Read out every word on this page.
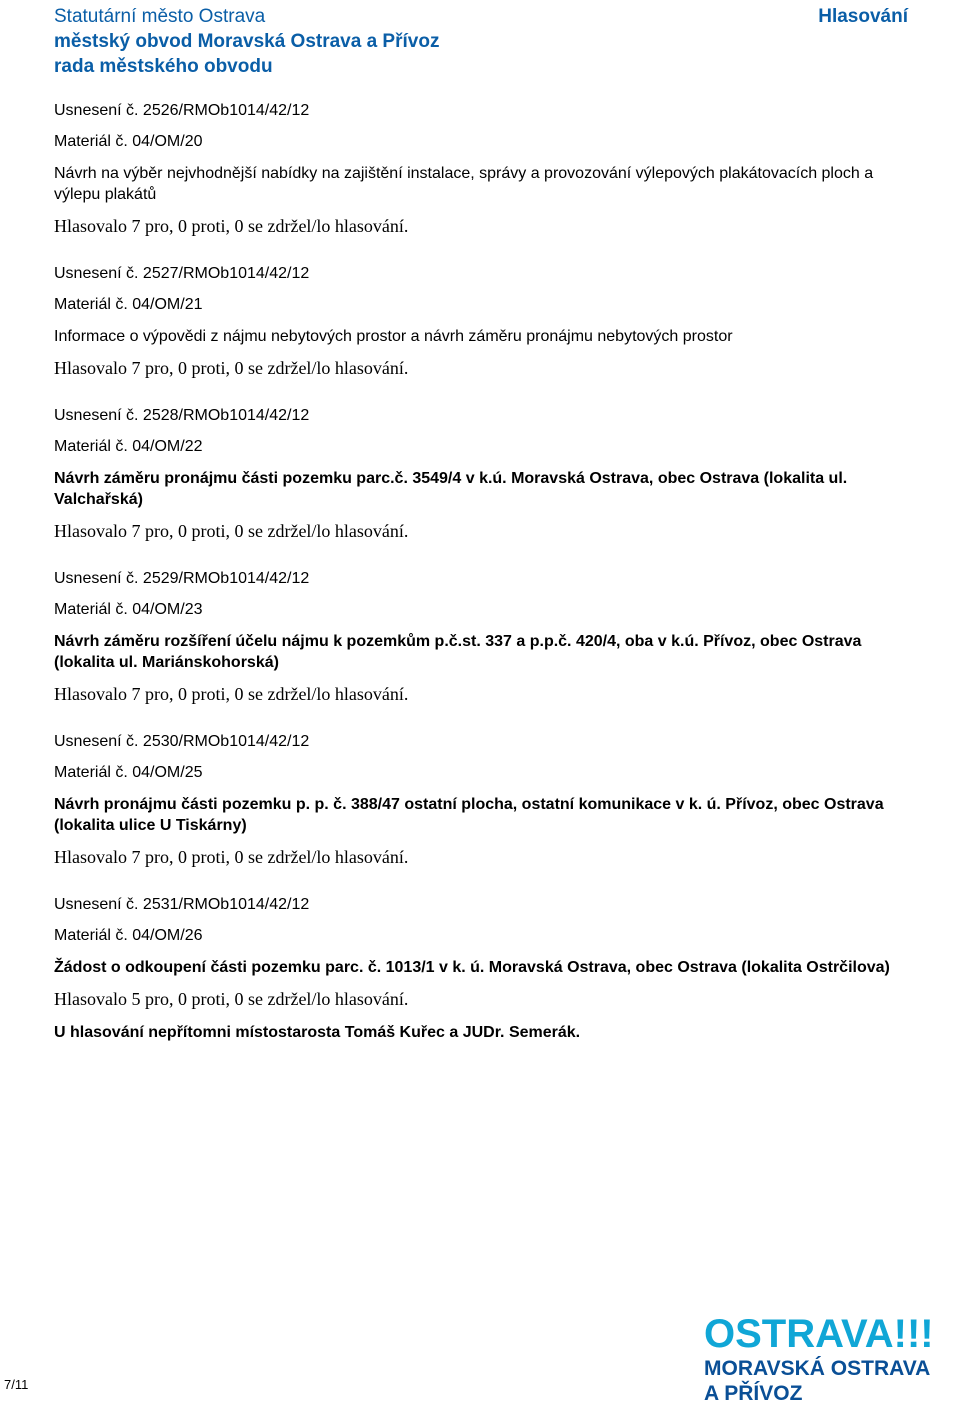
Statutární město Ostrava
městský obvod Moravská Ostrava a Přívoz
rada městského obvodu
Hlasování
Usnesení č. 2526/RMOb1014/42/12
Materiál č. 04/OM/20
Návrh na výběr nejvhodnější nabídky na zajištění instalace, správy a provozování výlepových plakátovacích ploch a výlepu plakátů
Hlasovalo 7 pro, 0 proti, 0 se zdržel/lo hlasování.
Usnesení č. 2527/RMOb1014/42/12
Materiál č. 04/OM/21
Informace o výpovědi z nájmu nebytových prostor a návrh záměru pronájmu nebytových prostor
Hlasovalo 7 pro, 0 proti, 0 se zdržel/lo hlasování.
Usnesení č. 2528/RMOb1014/42/12
Materiál č. 04/OM/22
Návrh záměru pronájmu části pozemku parc.č. 3549/4 v k.ú. Moravská Ostrava, obec Ostrava (lokalita ul. Valchařská)
Hlasovalo 7 pro, 0 proti, 0 se zdržel/lo hlasování.
Usnesení č. 2529/RMOb1014/42/12
Materiál č. 04/OM/23
Návrh záměru rozšíření účelu nájmu k pozemkům p.č.st. 337 a p.p.č. 420/4, oba v k.ú. Přívoz, obec Ostrava (lokalita ul. Mariánskohorská)
Hlasovalo 7 pro, 0 proti, 0 se zdržel/lo hlasování.
Usnesení č. 2530/RMOb1014/42/12
Materiál č. 04/OM/25
Návrh pronájmu části pozemku p. p. č. 388/47 ostatní plocha, ostatní komunikace v k. ú. Přívoz, obec Ostrava (lokalita ulice U Tiskárny)
Hlasovalo 7 pro, 0 proti, 0 se zdržel/lo hlasování.
Usnesení č. 2531/RMOb1014/42/12
Materiál č. 04/OM/26
Žádost o odkoupení části pozemku parc. č. 1013/1 v k. ú. Moravská Ostrava, obec Ostrava (lokalita Ostrčilova)
Hlasovalo 5 pro, 0 proti, 0 se zdržel/lo hlasování.
U hlasování nepřítomni místostarosta Tomáš Kuřec a JUDr. Semerák.
7/11
OSTRAVA!!!
MORAVSKÁ OSTRAVA
A PŘÍVOZ
